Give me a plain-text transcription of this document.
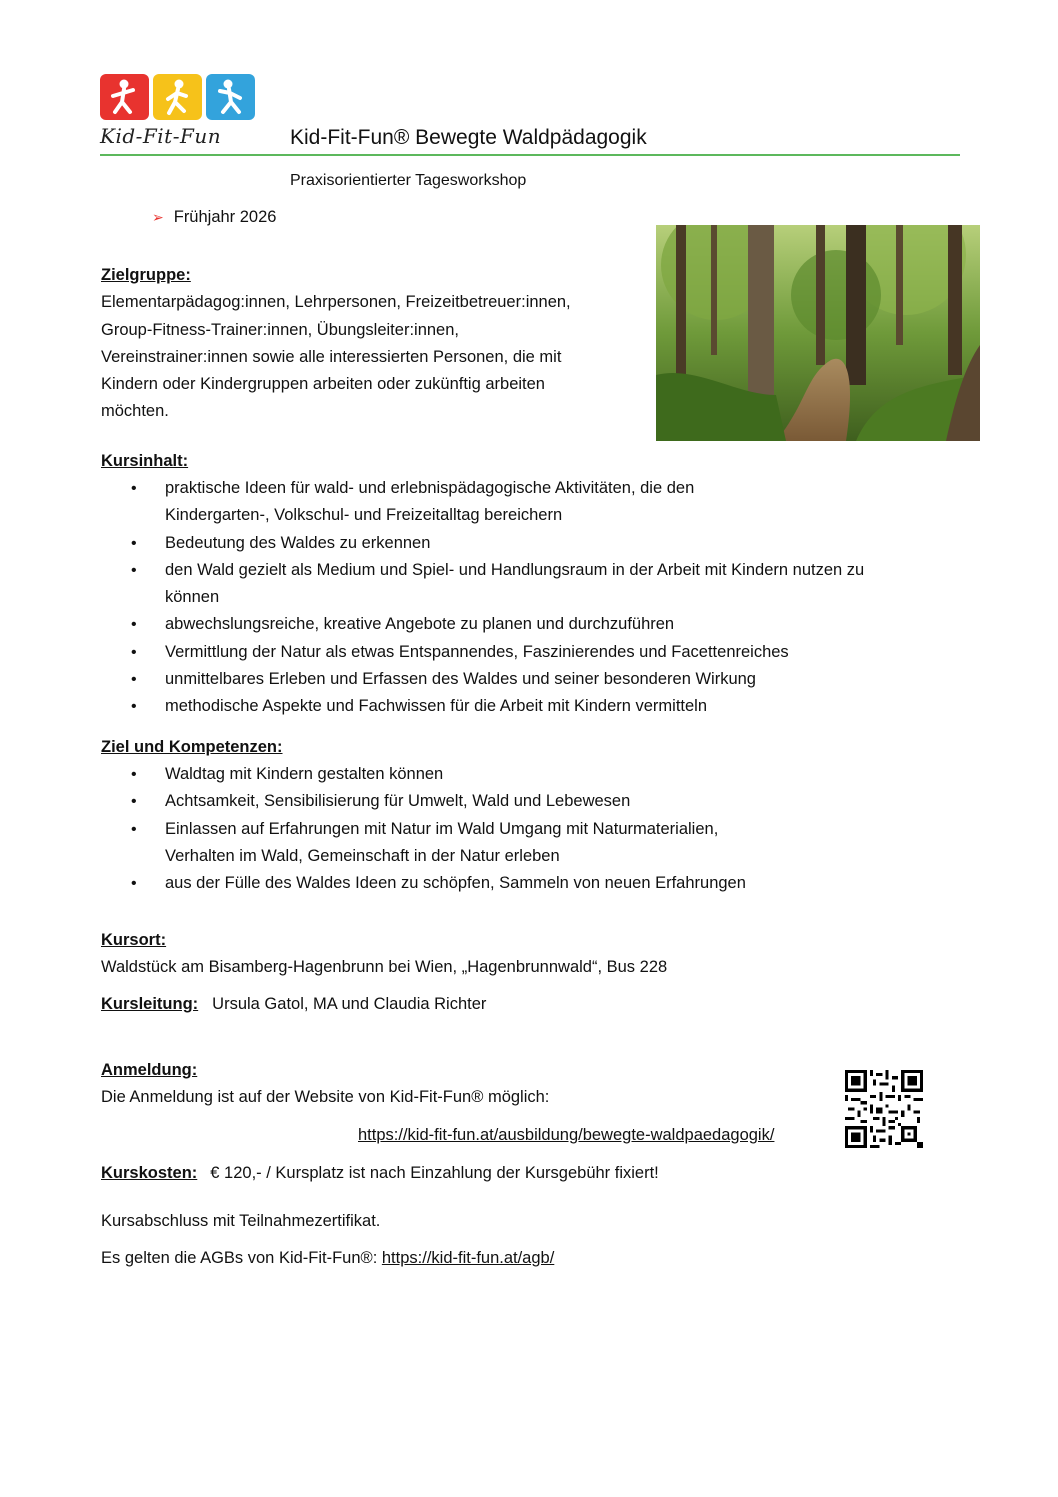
Kid-Fit-Fun	Kid-Fit-Fun® Bewegte Waldpädagogik
Praxisorientierter Tagesworkshop
➢ Frühjahr 2026
Zielgruppe:
Elementarpädagog:innen, Lehrpersonen, Freizeitbetreuer:innen,
Group-Fitness-Trainer:innen, Übungsleiter:innen,
Vereinstrainer:innen sowie alle interessierten Personen, die mit
Kindern oder Kindergruppen arbeiten oder zukünftig arbeiten
möchten.
Kursinhalt:
• praktische Ideen für wald- und erlebnispädagogische Aktivitäten, die den
Kindergarten-, Volkschul- und Freizeitalltag bereichern
• Bedeutung des Waldes zu erkennen
• den Wald gezielt als Medium und Spiel- und Handlungsraum in der Arbeit mit Kindern nutzen zu
können
• abwechslungsreiche, kreative Angebote zu planen und durchzuführen
• Vermittlung der Natur als etwas Entspannendes, Faszinierendes und Facettenreiches
• unmittelbares Erleben und Erfassen des Waldes und seiner besonderen Wirkung
• methodische Aspekte und Fachwissen für die Arbeit mit Kindern vermitteln
Ziel und Kompetenzen:
• Waldtag mit Kindern gestalten können
• Achtsamkeit, Sensibilisierung für Umwelt, Wald und Lebewesen
• Einlassen auf Erfahrungen mit Natur im Wald Umgang mit Naturmaterialien,
Verhalten im Wald, Gemeinschaft in der Natur erleben
• aus der Fülle des Waldes Ideen zu schöpfen, Sammeln von neuen Erfahrungen
Kursort:
Waldstück am Bisamberg-Hagenbrunn bei Wien, „Hagenbrunnwald“, Bus 228
Kursleitung: Ursula Gatol, MA und Claudia Richter
Anmeldung:
Die Anmeldung ist auf der Website von Kid-Fit-Fun® möglich:
https://kid-fit-fun.at/ausbildung/bewegte-waldpaedagogik/
Kurskosten: € 120,- / Kursplatz ist nach Einzahlung der Kursgebühr fixiert!
Kursabschluss mit Teilnahmezertifikat.
Es gelten die AGBs von Kid-Fit-Fun®: https://kid-fit-fun.at/agb/
